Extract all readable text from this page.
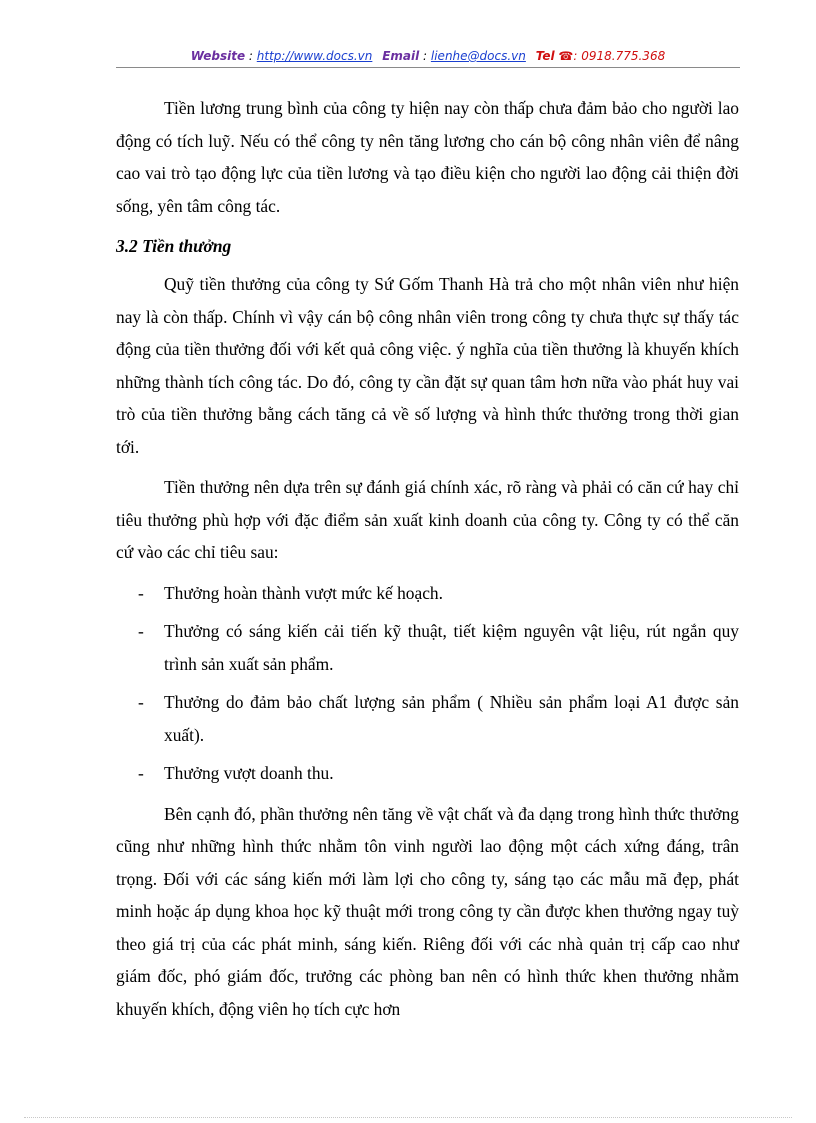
Website : http://www.docs.vn Email : lienhe@docs.vn Tel ☎: 0918.775.368

Tiền lương trung bình của công ty hiện nay còn thấp chưa đảm bảo cho người lao động có tích luỹ. Nếu có thể công ty nên tăng lương cho cán bộ công nhân viên để nâng cao vai trò tạo động lực của tiền lương và tạo điều kiện cho người lao động cải thiện đời sống, yên tâm công tác.

3.2 Tiền thưởng

Quỹ tiền thưởng của công ty Sứ Gốm Thanh Hà trả cho một nhân viên như hiện nay là còn thấp. Chính vì vậy cán bộ công nhân viên trong công ty chưa thực sự thấy tác động của tiền thưởng đối với kết quả công việc. ý nghĩa của tiền thưởng là khuyến khích những thành tích công tác. Do đó, công ty cần đặt sự quan tâm hơn nữa vào phát huy vai trò của tiền thưởng bằng cách tăng cả về số lượng và hình thức thưởng trong thời gian tới.

Tiền thưởng nên dựa trên sự đánh giá chính xác, rõ ràng và phải có căn cứ hay chỉ tiêu thưởng phù hợp với đặc điểm sản xuất kinh doanh của công ty. Công ty có thể căn cứ vào các chỉ tiêu sau:

- Thưởng hoàn thành vượt mức kế hoạch.
- Thưởng có sáng kiến cải tiến kỹ thuật, tiết kiệm nguyên vật liệu, rút ngắn quy trình sản xuất sản phẩm.
- Thưởng do đảm bảo chất lượng sản phẩm ( Nhiều sản phẩm loại A1 được sản xuất).
- Thưởng vượt doanh thu.

Bên cạnh đó, phần thưởng nên tăng về vật chất và đa dạng trong hình thức thưởng cũng như những hình thức nhằm tôn vinh người lao động một cách xứng đáng, trân trọng. Đối với các sáng kiến mới làm lợi cho công ty, sáng tạo các mẫu mã đẹp, phát minh hoặc áp dụng khoa học kỹ thuật mới trong công ty cần được khen thưởng ngay tuỳ theo giá trị của các phát minh, sáng kiến. Riêng đối với các nhà quản trị cấp cao như giám đốc, phó giám đốc, trưởng các phòng ban nên có hình thức khen thưởng nhằm khuyến khích, động viên họ tích cực hơn
